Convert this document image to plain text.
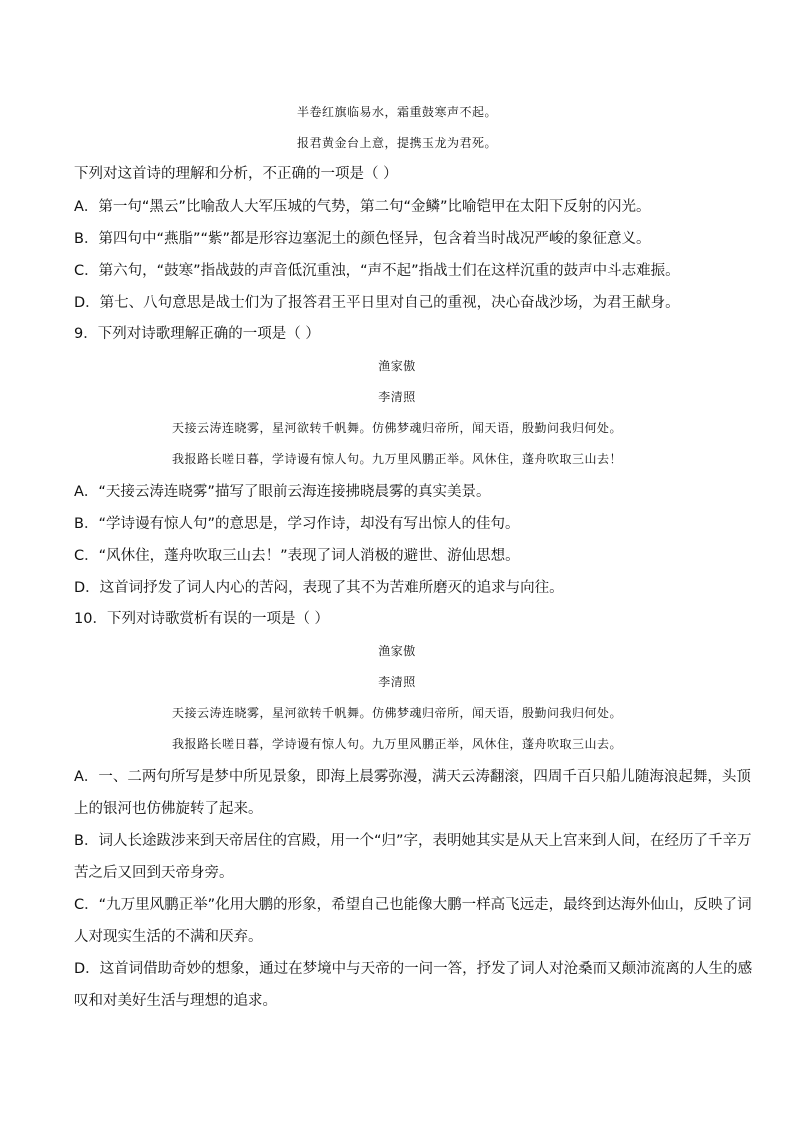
半卷红旗临易水，霜重鼓寒声不起。
报君黄金台上意，提携玉龙为君死。
下列对这首诗的理解和分析，不正确的一项是（ ）
A．第一句“黑云”比喻敌人大军压城的气势，第二句“金鳞”比喻铠甲在太阳下反射的闪光。
B．第四句中“燕脂”“紫”都是形容边塞泥土的颜色怪异，包含着当时战况严峻的象征意义。
C．第六句，“鼓寒”指战鼓的声音低沉重浊，“声不起”指战士们在这样沉重的鼓声中斗志难振。
D．第七、八句意思是战士们为了报答君王平日里对自己的重视，决心奋战沙场，为君王献身。
9．下列对诗歌理解正确的一项是（ ）
渔家傲
李清照
天接云涛连晓雾，星河欲转千帆舞。仿佛梦魂归帝所，闻天语，殷勤问我归何处。
我报路长嗟日暮，学诗谩有惊人句。九万里风鹏正举。风休住，蓬舟吹取三山去！
A．“天接云涛连晓雾”描写了眼前云海连接拂晓晨雾的真实美景。
B．“学诗谩有惊人句”的意思是，学习作诗，却没有写出惊人的佳句。
C．“风休住，蓬舟吹取三山去！”表现了词人消极的避世、游仙思想。
D．这首词抒发了词人内心的苦闷，表现了其不为苦难所磨灭的追求与向往。
10．下列对诗歌赏析有误的一项是（ ）
渔家傲
李清照
天接云涛连晓雾，星河欲转千帆舞。仿佛梦魂归帝所，闻天语，殷勤问我归何处。
我报路长嗟日暮，学诗谩有惊人句。九万里风鹏正举，风休住，蓬舟吹取三山去。
A．一、二两句所写是梦中所见景象，即海上晨雾弥漫，满天云涛翻滚，四周千百只船儿随海浪起舞，头顶
上的银河也仿佛旋转了起来。
B．词人长途跋涉来到天帝居住的宫殿，用一个“归”字，表明她其实是从天上宫来到人间，在经历了千辛万
苦之后又回到天帝身旁。
C．“九万里风鹏正举”化用大鹏的形象，希望自己也能像大鹏一样高飞远走，最终到达海外仙山，反映了词
人对现实生活的不满和厌弃。
D．这首词借助奇妙的想象，通过在梦境中与天帝的一问一答，抒发了词人对沧桑而又颠沛流离的人生的感
叹和对美好生活与理想的追求。
